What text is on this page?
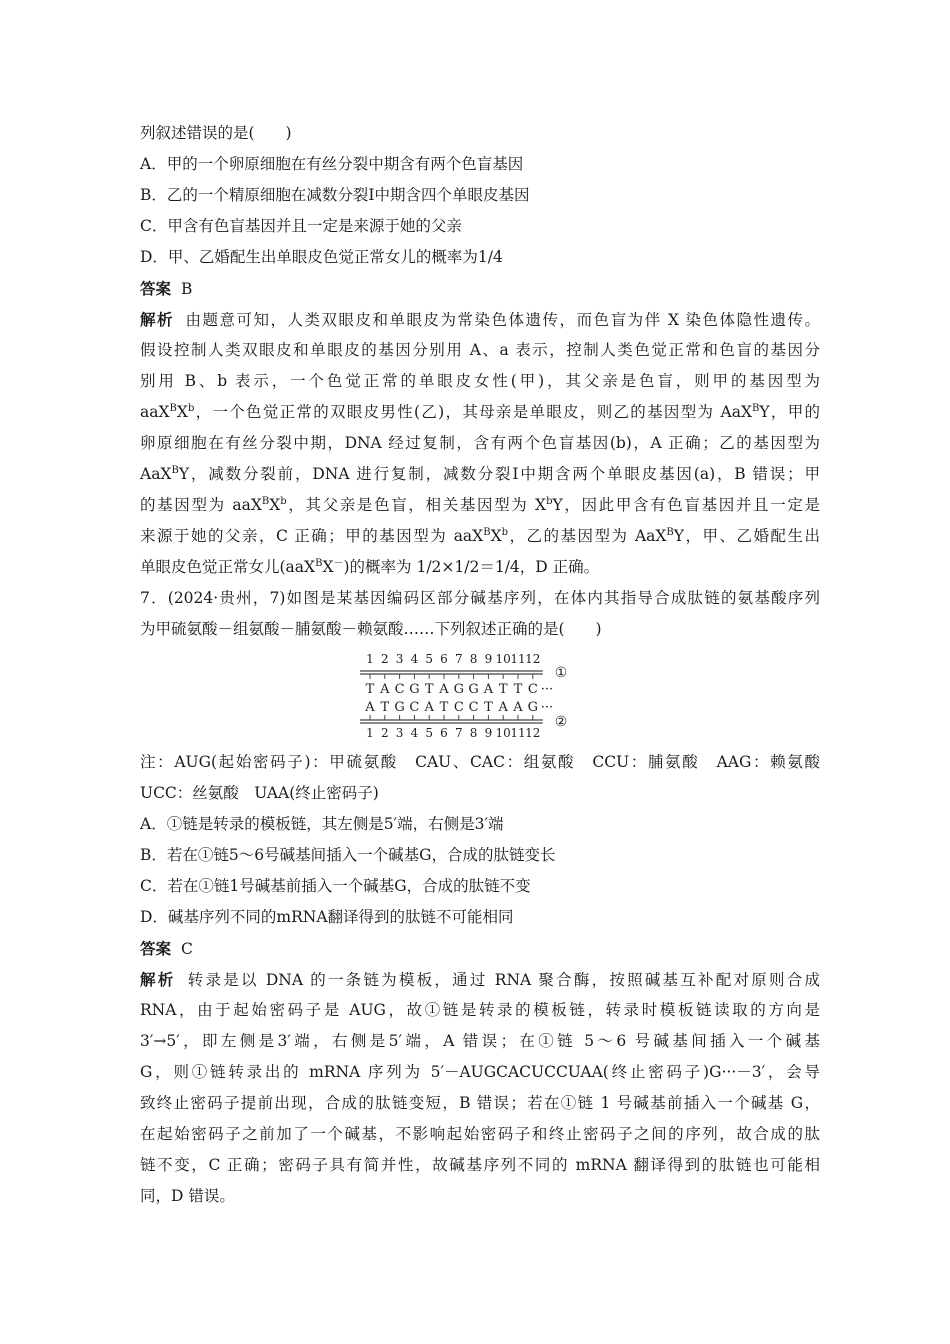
列叙述错误的是(　　)
A．甲的一个卵原细胞在有丝分裂中期含有两个色盲基因
B．乙的一个精原细胞在减数分裂Ⅰ中期含四个单眼皮基因
C．甲含有色盲基因并且一定是来源于她的父亲
D．甲、乙婚配生出单眼皮色觉正常女儿的概率为1/4
答案 B
解析 由题意可知，人类双眼皮和单眼皮为常染色体遗传，而色盲为伴 X 染色体隐性遗传。
假设控制人类双眼皮和单眼皮的基因分别用 A、a 表示，控制人类色觉正常和色盲的基因分
别用 B、b 表示，一个色觉正常的单眼皮女性(甲)，其父亲是色盲，则甲的基因型为
$aaX^BX^b$，一个色觉正常的双眼皮男性(乙)，其母亲是单眼皮，则乙的基因型为 AaX$^B$Y，甲的
卵原细胞在有丝分裂中期，DNA 经过复制，含有两个色盲基因(b)，A 正确；乙的基因型为
AaX$^B$Y，减数分裂前，DNA 进行复制，减数分裂Ⅰ中期含两个单眼皮基因(a)，B 错误；甲
的基因型为 $aaX^BX^b$，其父亲是色盲，相关基因型为 $X^bY$，因此甲含有色盲基因并且一定是
来源于她的父亲，C 正确；甲的基因型为 $aaX^BX^b$，乙的基因型为 AaX$^B$Y，甲、乙婚配生出
单眼皮色觉正常女儿(aaX$^B$X－)的概率为 1/2×1/2＝1/4，D 正确。
7．(2024·贵州，7)如图是某基因编码区部分碱基序列，在体内其指导合成肽链的氨基酸序列
为甲硫氨酸－组氨酸－脯氨酸－赖氨酸……下列叙述正确的是(　　)
1 2 3 4 5 6 7 8 9 10 11 12
T A C G T A G G A T T C ···
①
A T G C A T C C T A A G ···
1 2 3 4 5 6 7 8 9 10 11 12
②
注：AUG(起始密码子)：甲硫氨酸　CAU、CAC：组氨酸　CCU：脯氨酸　AAG：赖氨酸
UCC：丝氨酸　UAA(终止密码子)
A．①链是转录的模板链，其左侧是5′端，右侧是3′端
B．若在①链5～6号碱基间插入一个碱基G，合成的肽链变长
C．若在①链1号碱基前插入一个碱基G，合成的肽链不变
D．碱基序列不同的mRNA翻译得到的肽链不可能相同
答案 C
解析 转录是以 DNA 的一条链为模板，通过 RNA 聚合酶，按照碱基互补配对原则合成
RNA，由于起始密码子是 AUG，故①链是转录的模板链，转录时模板链读取的方向是
3′→5′，即左侧是3′端，右侧是5′端，A 错误；在①链 5～6 号碱基间插入一个碱基
G，则①链转录出的 mRNA 序列为 5′－AUGCACUCCUAA(终止密码子)G···－3′，会导
致终止密码子提前出现，合成的肽链变短，B 错误；若在①链 1 号碱基前插入一个碱基 G，
在起始密码子之前加了一个碱基，不影响起始密码子和终止密码子之间的序列，故合成的肽
链不变，C 正确；密码子具有简并性，故碱基序列不同的 mRNA 翻译得到的肽链也可能相
同，D 错误。
